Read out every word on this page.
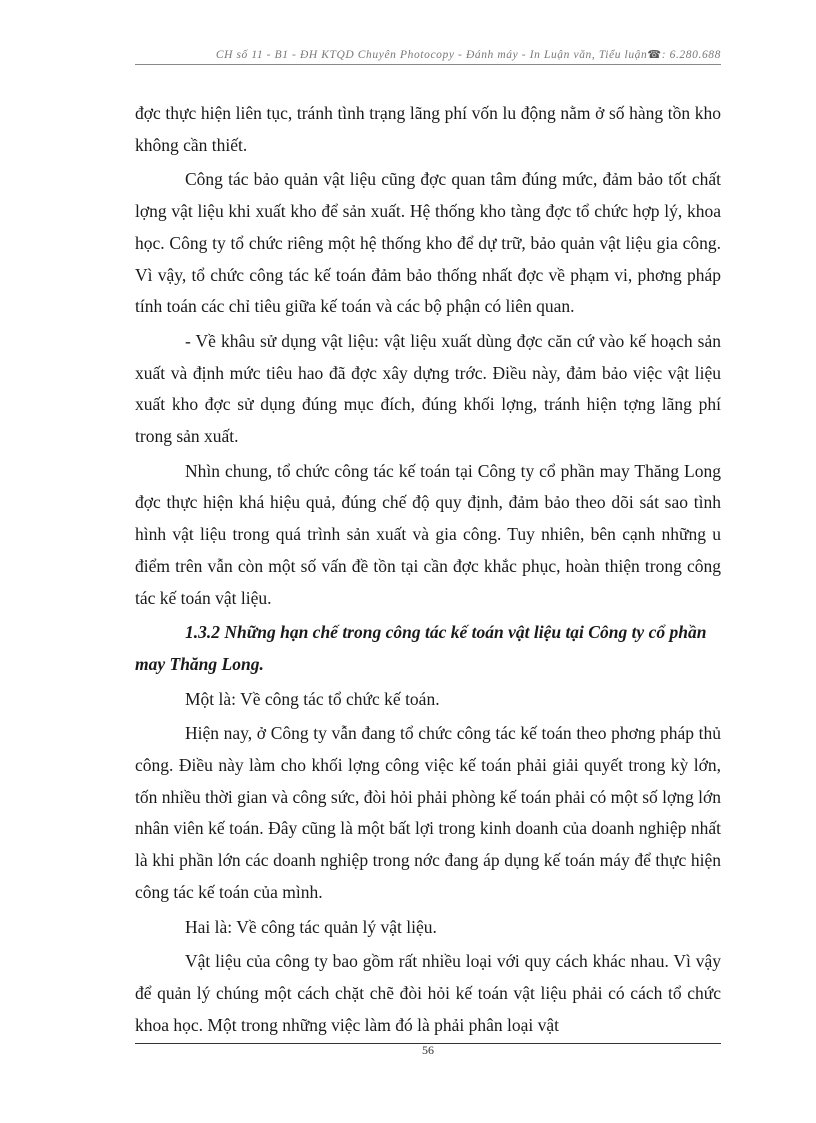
CH số 11 - B1 - ĐH KTQD Chuyên Photocopy - Đánh máy - In Luận văn, Tiểu luận☎: 6.280.688

đợc thực hiện liên tục, tránh tình trạng lãng phí vốn lu động nằm ở số hàng tồn kho không cần thiết.

Công tác bảo quản vật liệu cũng đợc quan tâm đúng mức, đảm bảo tốt chất lợng vật liệu khi xuất kho để sản xuất. Hệ thống kho tàng đợc tổ chức hợp lý, khoa học. Công ty tổ chức riêng một hệ thống kho để dự trữ, bảo quản vật liệu gia công. Vì vậy, tổ chức công tác kế toán đảm bảo thống nhất đợc về phạm vi, phơng pháp tính toán các chỉ tiêu giữa kế toán và các bộ phận có liên quan.

- Về khâu sử dụng vật liệu: vật liệu xuất dùng đợc căn cứ vào kế hoạch sản xuất và định mức tiêu hao đã đợc xây dựng trớc. Điều này, đảm bảo việc vật liệu xuất kho đợc sử dụng đúng mục đích, đúng khối lợng, tránh hiện tợng lãng phí trong sản xuất.

Nhìn chung, tổ chức công tác kế toán tại Công ty cổ phần may Thăng Long đợc thực hiện khá hiệu quả, đúng chế độ quy định, đảm bảo theo dõi sát sao tình hình vật liệu trong quá trình sản xuất và gia công. Tuy nhiên, bên cạnh những u điểm trên vẫn còn một số vấn đề tồn tại cần đợc khắc phục, hoàn thiện trong công tác kế toán vật liệu.

1.3.2 Những hạn chế trong công tác kế toán vật liệu tại Công ty cổ phần may Thăng Long.

Một là: Về công tác tổ chức kế toán.

Hiện nay, ở Công ty vẫn đang tổ chức công tác kế toán theo phơng pháp thủ công. Điều này làm cho khối lợng công việc kế toán phải giải quyết trong kỳ lớn, tốn nhiều thời gian và công sức, đòi hỏi phải phòng kế toán phải có một số lợng lớn nhân viên kế toán. Đây cũng là một bất lợi trong kinh doanh của doanh nghiệp nhất là khi phần lớn các doanh nghiệp trong nớc đang áp dụng kế toán máy để thực hiện công tác kế toán của mình.

Hai là: Về công tác quản lý vật liệu.

Vật liệu của công ty bao gồm rất nhiều loại với quy cách khác nhau. Vì vậy để quản lý chúng một cách chặt chẽ đòi hỏi kế toán vật liệu phải có cách tổ chức khoa học. Một trong những việc làm đó là phải phân loại vật

56
